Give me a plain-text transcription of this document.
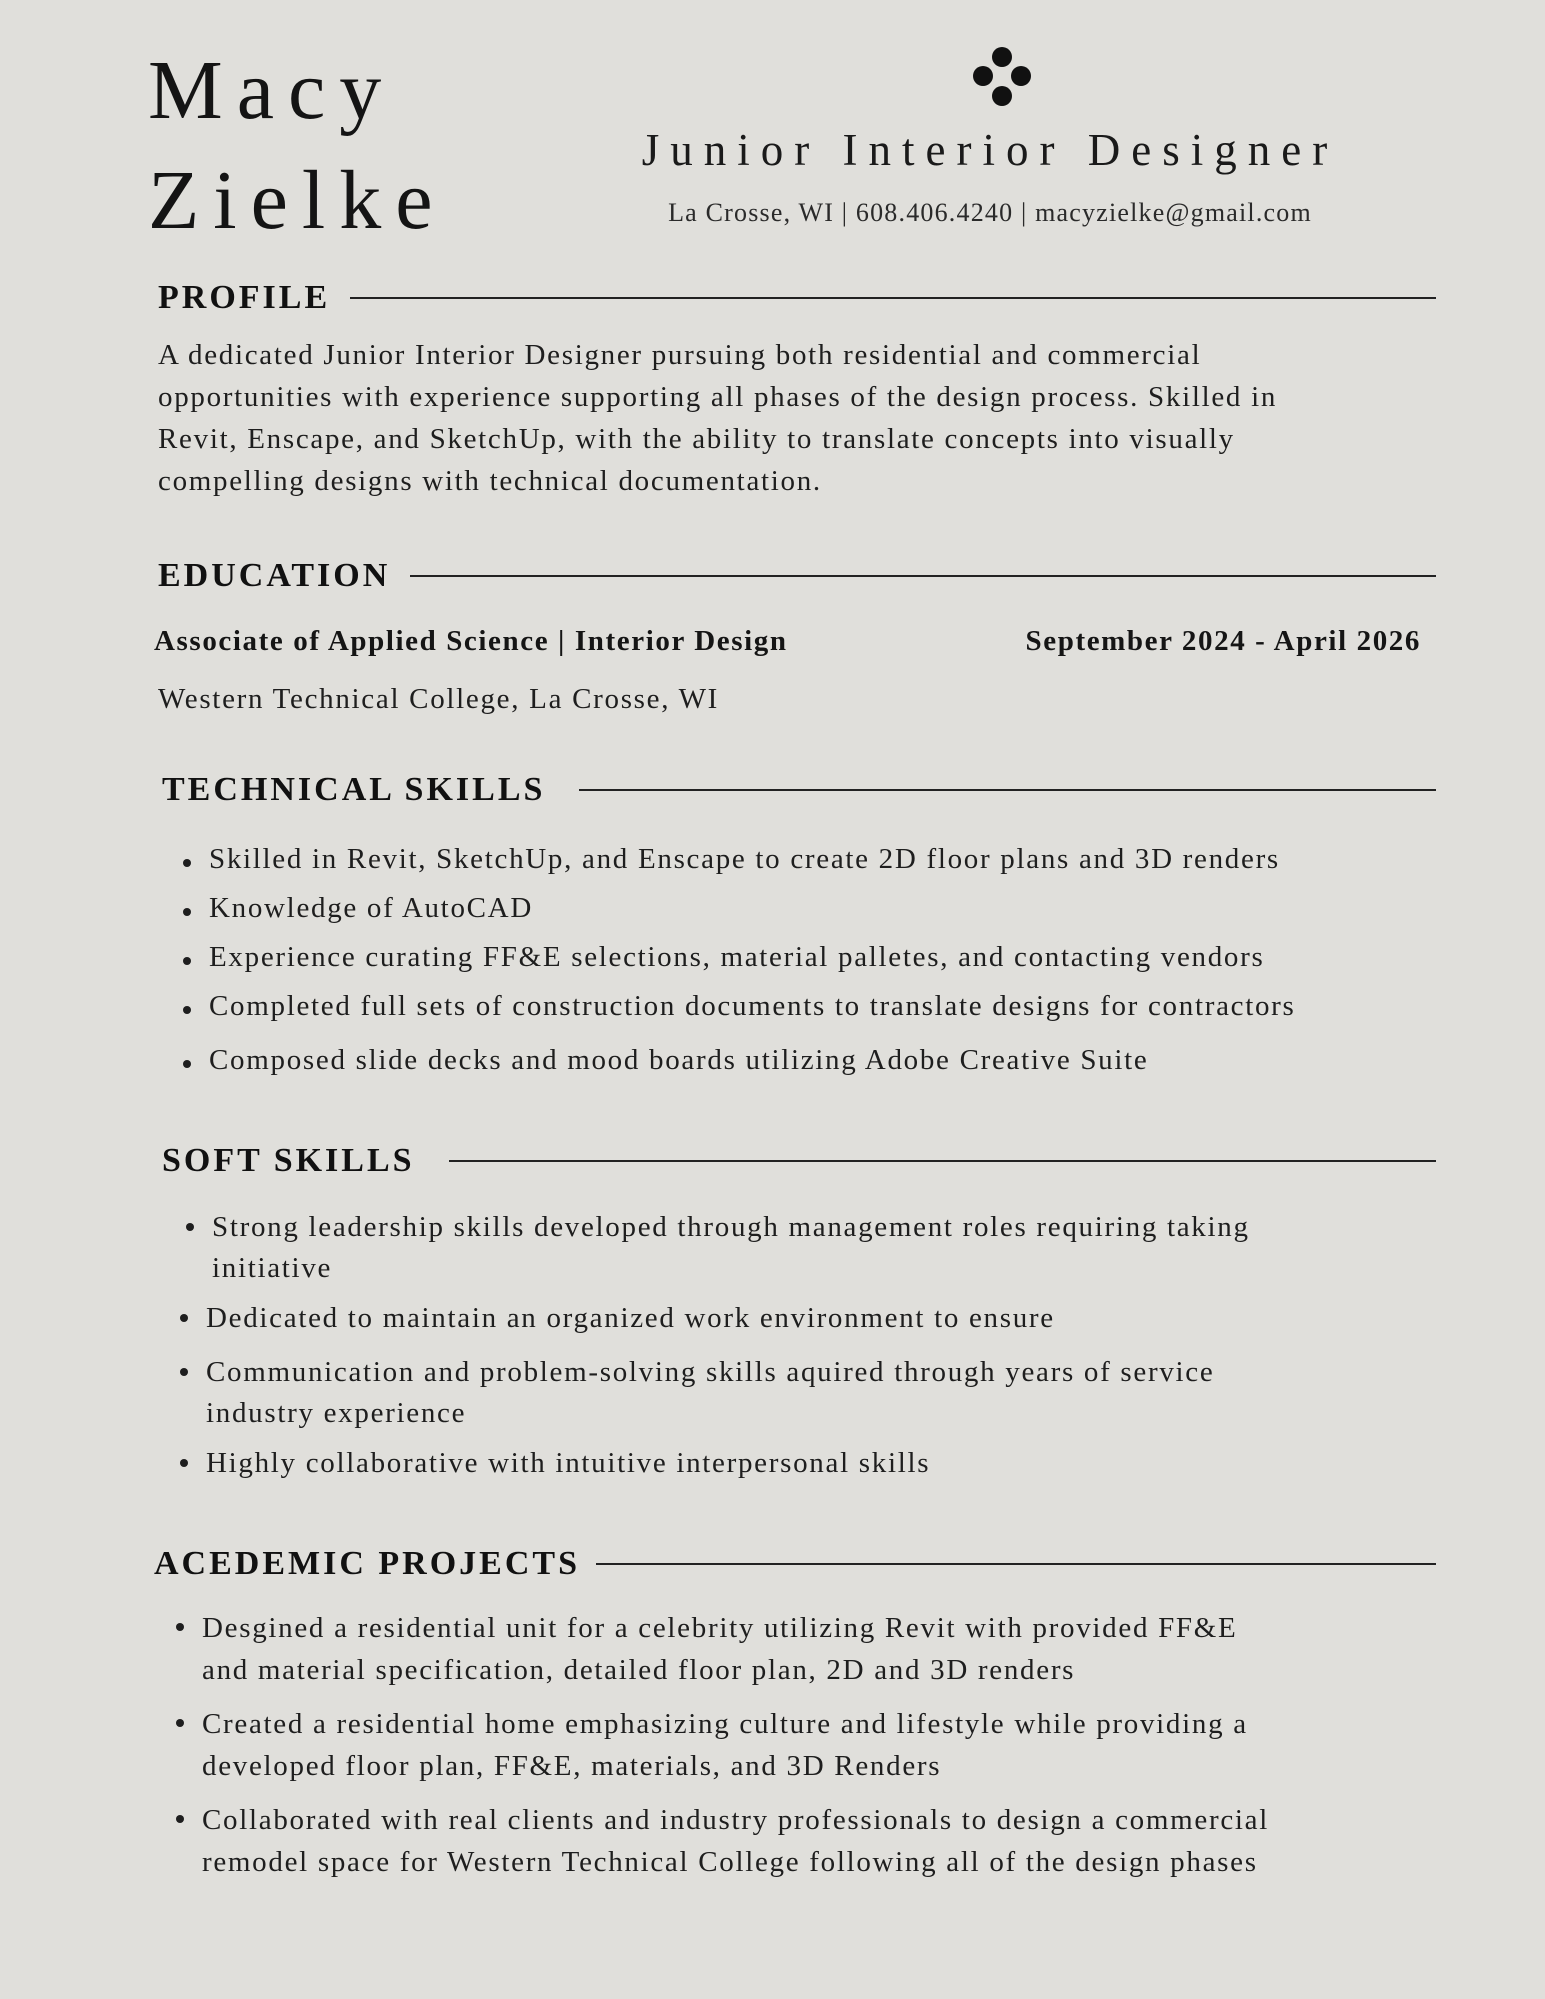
Macy
Zielke
Junior Interior Designer
La Crosse, WI | 608.406.4240 | macyzielke@gmail.com
PROFILE
A dedicated Junior Interior Designer pursuing both residential and commercial
opportunities with experience supporting all phases of the design process. Skilled in
Revit, Enscape, and SketchUp, with the ability to translate concepts into visually
compelling designs with technical documentation.
EDUCATION
Associate of Applied Science | Interior Design	September 2024 - April 2026
Western Technical College, La Crosse, WI
TECHNICAL SKILLS
Skilled in Revit, SketchUp, and Enscape to create 2D floor plans and 3D renders
Knowledge of AutoCAD
Experience curating FF&E selections, material palletes, and contacting vendors
Completed full sets of construction documents to translate designs for contractors
Composed slide decks and mood boards utilizing Adobe Creative Suite
SOFT SKILLS
Strong leadership skills developed through management roles requiring taking
initiative
Dedicated to maintain an organized work environment to ensure
Communication and problem-solving skills aquired through years of service
industry experience
Highly collaborative with intuitive interpersonal skills
ACEDEMIC PROJECTS
Desgined a residential unit for a celebrity utilizing Revit with provided FF&E
and material specification, detailed floor plan, 2D and 3D renders
Created a residential home emphasizing culture and lifestyle while providing a
developed floor plan, FF&E, materials, and 3D Renders
Collaborated with real clients and industry professionals to design a commercial
remodel space for Western Technical College following all of the design phases
